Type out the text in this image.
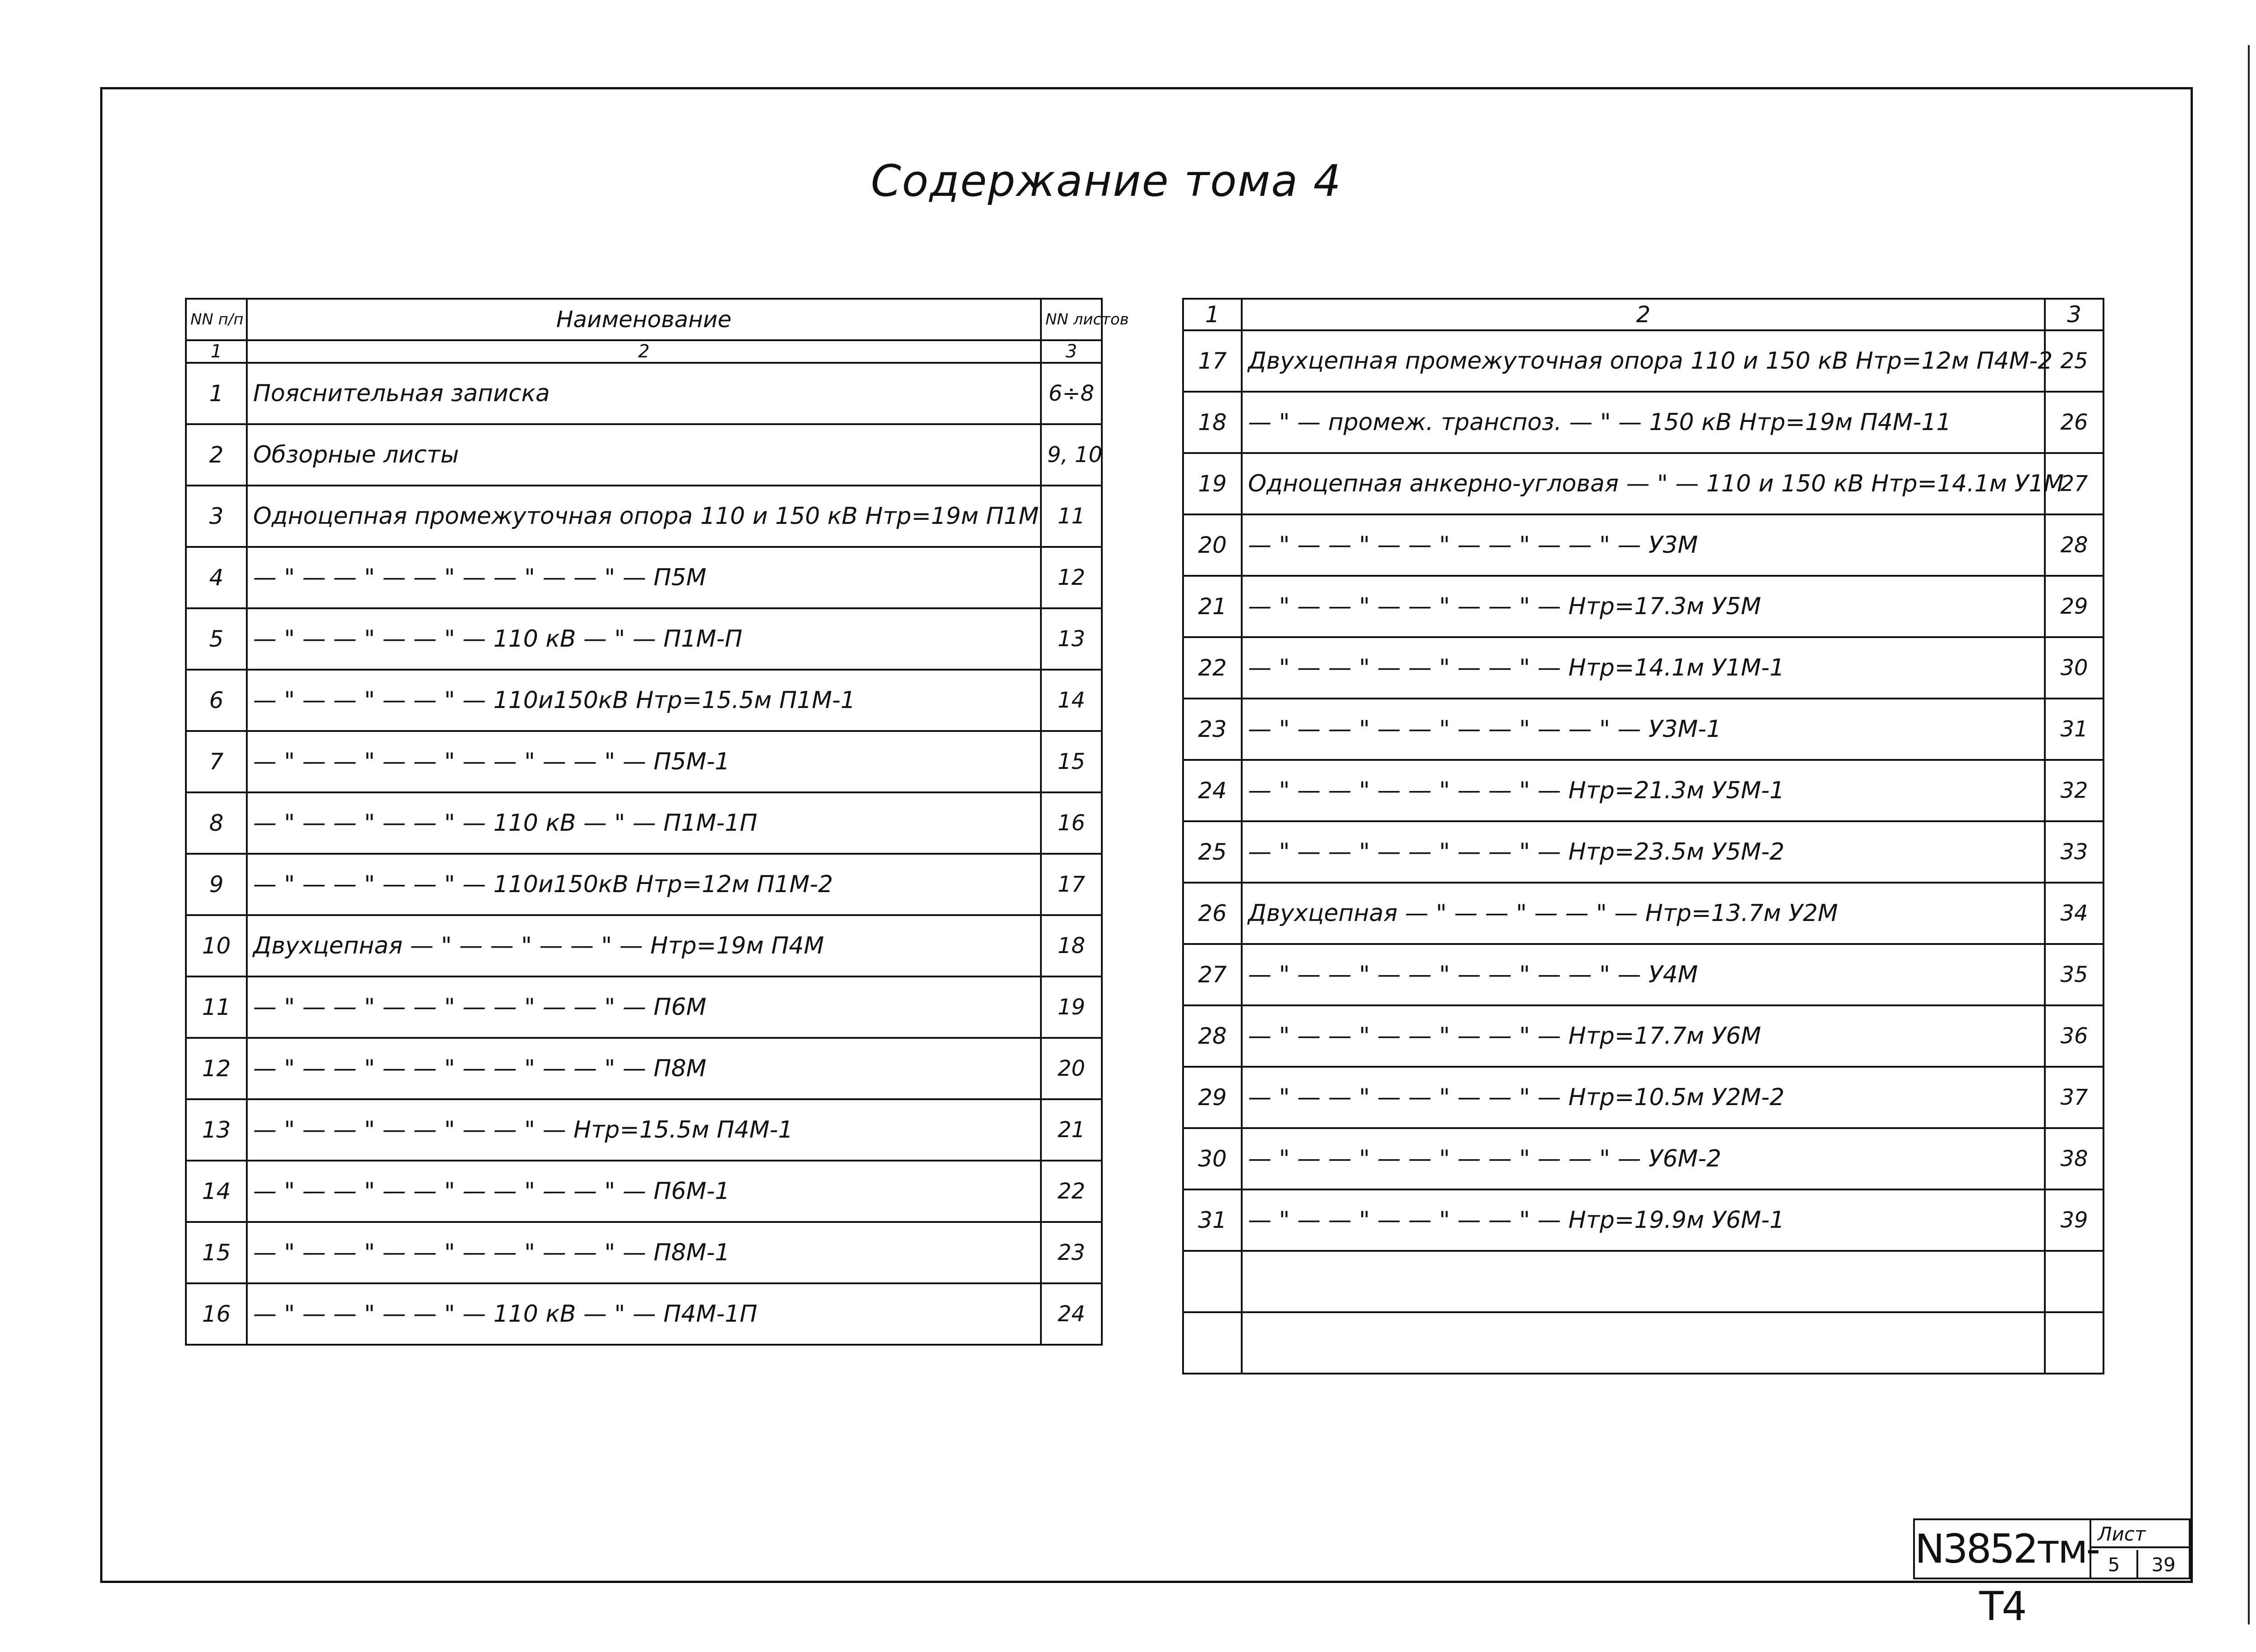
Содержание тома 4
NN п/п	Наименование	NN листов
1	2	3
1	Пояснительная записка	6÷8
2	Обзорные листы	9, 10
3	Одноцепная промежуточная опора 110 и 150 кВ Нтр=19м П1М	11
4	— " — — " — — " — — " — — " — П5М	12
5	— " — — " — — " — 110 кВ — " — П1М-П	13
6	— " — — " — — " — 110и150кВ Нтр=15.5м П1М-1	14
7	— " — — " — — " — — " — — " — П5М-1	15
8	— " — — " — — " — 110 кВ — " — П1М-1П	16
9	— " — — " — — " — 110и150кВ Нтр=12м П1М-2	17
10	Двухцепная — " — — " — — " — Нтр=19м П4М	18
11	— " — — " — — " — — " — — " — П6М	19
12	— " — — " — — " — — " — — " — П8М	20
13	— " — — " — — " — — " — Нтр=15.5м П4М-1	21
14	— " — — " — — " — — " — — " — П6М-1	22
15	— " — — " — — " — — " — — " — П8М-1	23
16	— " — — " — — " — 110 кВ — " — П4М-1П	24
1	2	3
17	Двухцепная промежуточная опора 110 и 150 кВ Нтр=12м П4М-2	25
18	— " — промеж. транспоз. — " — 150 кВ Нтр=19м П4М-11	26
19	Одноцепная анкерно-угловая — " — 110 и 150 кВ Нтр=14.1м У1М	27
20	— " — — " — — " — — " — — " — У3М	28
21	— " — — " — — " — — " — Нтр=17.3м У5М	29
22	— " — — " — — " — — " — Нтр=14.1м У1М-1	30
23	— " — — " — — " — — " — — " — У3М-1	31
24	— " — — " — — " — — " — Нтр=21.3м У5М-1	32
25	— " — — " — — " — — " — Нтр=23.5м У5М-2	33
26	Двухцепная — " — — " — — " — Нтр=13.7м У2М	34
27	— " — — " — — " — — " — — " — У4М	35
28	— " — — " — — " — — " — Нтр=17.7м У6М	36
29	— " — — " — — " — — " — Нтр=10.5м У2М-2	37
30	— " — — " — — " — — " — — " — У6М-2	38
31	— " — — " — — " — — " — Нтр=19.9м У6М-1	39

N3852тм-Т4
Лист
5	39
